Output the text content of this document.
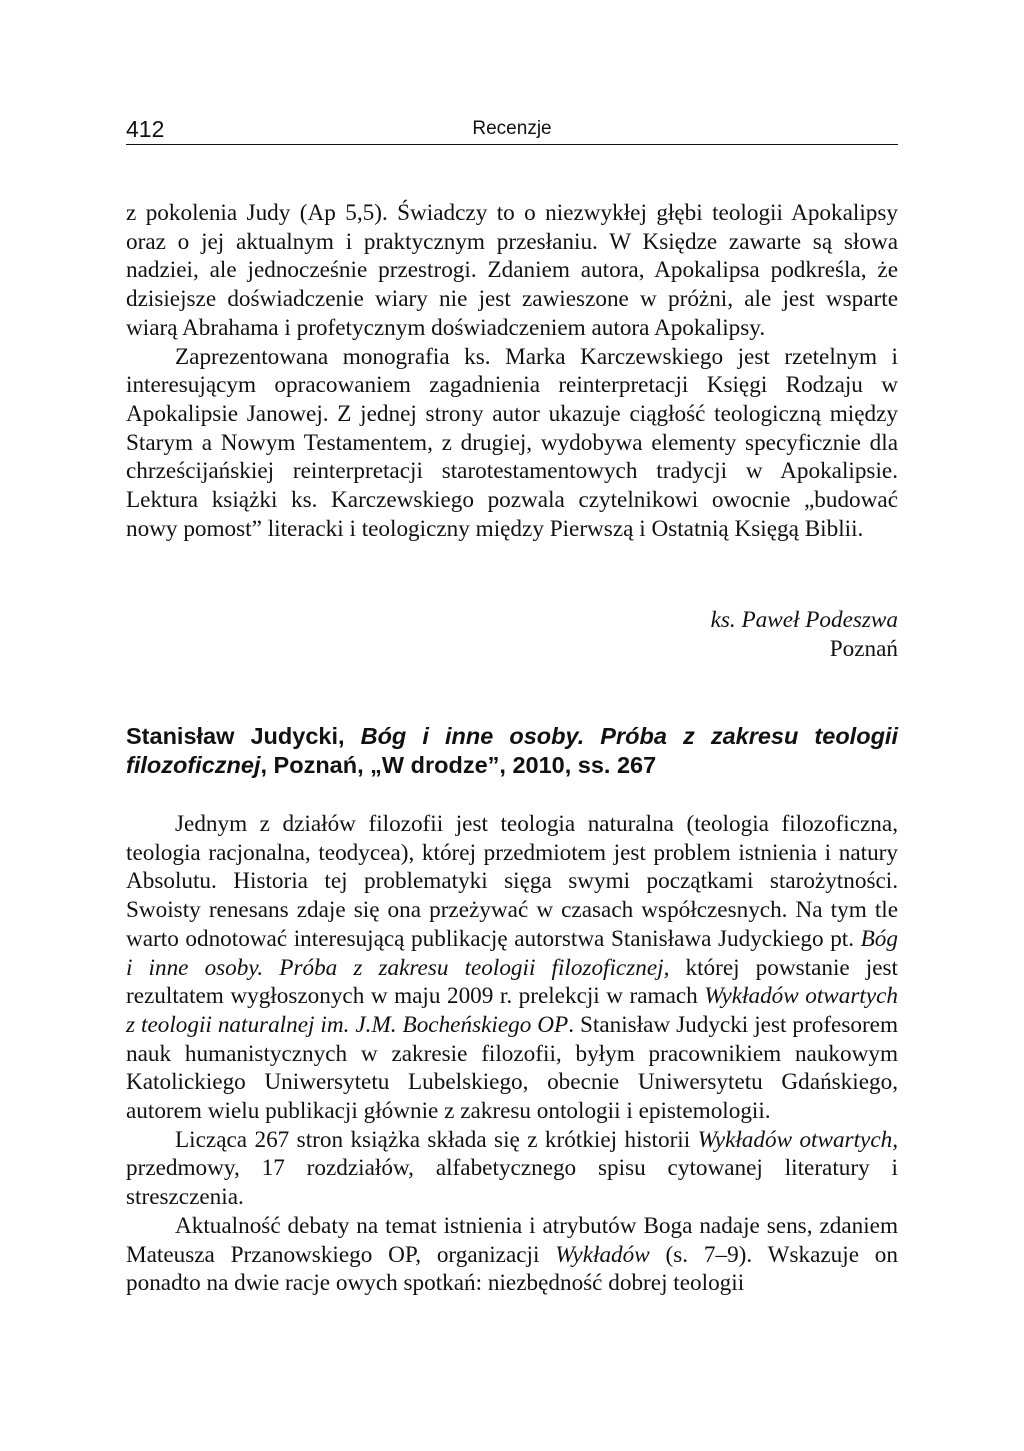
412	Recenzje

z pokolenia Judy (Ap 5,5). Świadczy to o niezwykłej głębi teologii Apokalipsy oraz o jej aktualnym i praktycznym przesłaniu. W Księdze zawarte są słowa nadziei, ale jednocześnie przestrogi. Zdaniem autora, Apokalipsa podkreśla, że dzisiejsze doświadczenie wiary nie jest zawieszone w próżni, ale jest wsparte wiarą Abrahama i profetycznym doświadczeniem autora Apokalipsy.

Zaprezentowana monografia ks. Marka Karczewskiego jest rzetelnym i interesującym opracowaniem zagadnienia reinterpretacji Księgi Rodzaju w Apokalipsie Janowej. Z jednej strony autor ukazuje ciągłość teologiczną między Starym a Nowym Testamentem, z drugiej, wydobywa elementy specyficznie dla chrześcijańskiej reinterpretacji starotestamentowych tradycji w Apokalipsie. Lektura książki ks. Karczewskiego pozwala czytelnikowi owocnie „budować nowy pomost” literacki i teologiczny między Pierwszą i Ostatnią Księgą Biblii.

ks. Paweł Podeszwa
Poznań
Stanisław Judycki, Bóg i inne osoby. Próba z zakresu teologii filozoficznej, Poznań, „W drodze”, 2010, ss. 267

Jednym z działów filozofii jest teologia naturalna (teologia filozoficzna, teologia racjonalna, teodycea), której przedmiotem jest problem istnienia i natury Absolutu. Historia tej problematyki sięga swymi początkami starożytności. Swoisty renesans zdaje się ona przeżywać w czasach współczesnych. Na tym tle warto odnotować interesującą publikację autorstwa Stanisława Judyckiego pt. Bóg i inne osoby. Próba z zakresu teologii filozoficznej, której powstanie jest rezultatem wygłoszonych w maju 2009 r. prelekcji w ramach Wykładów otwartych z teologii naturalnej im. J.M. Bocheńskiego OP. Stanisław Judycki jest profesorem nauk humanistycznych w zakresie filozofii, byłym pracownikiem naukowym Katolickiego Uniwersytetu Lubelskiego, obecnie Uniwersytetu Gdańskiego, autorem wielu publikacji głównie z zakresu ontologii i epistemologii.

Licząca 267 stron książka składa się z krótkiej historii Wykładów otwartych, przedmowy, 17 rozdziałów, alfabetycznego spisu cytowanej literatury i streszczenia.

Aktualność debaty na temat istnienia i atrybutów Boga nadaje sens, zdaniem Mateusza Przanowskiego OP, organizacji Wykładów (s. 7–9). Wskazuje on ponadto na dwie racje owych spotkań: niezbędność dobrej teologii
